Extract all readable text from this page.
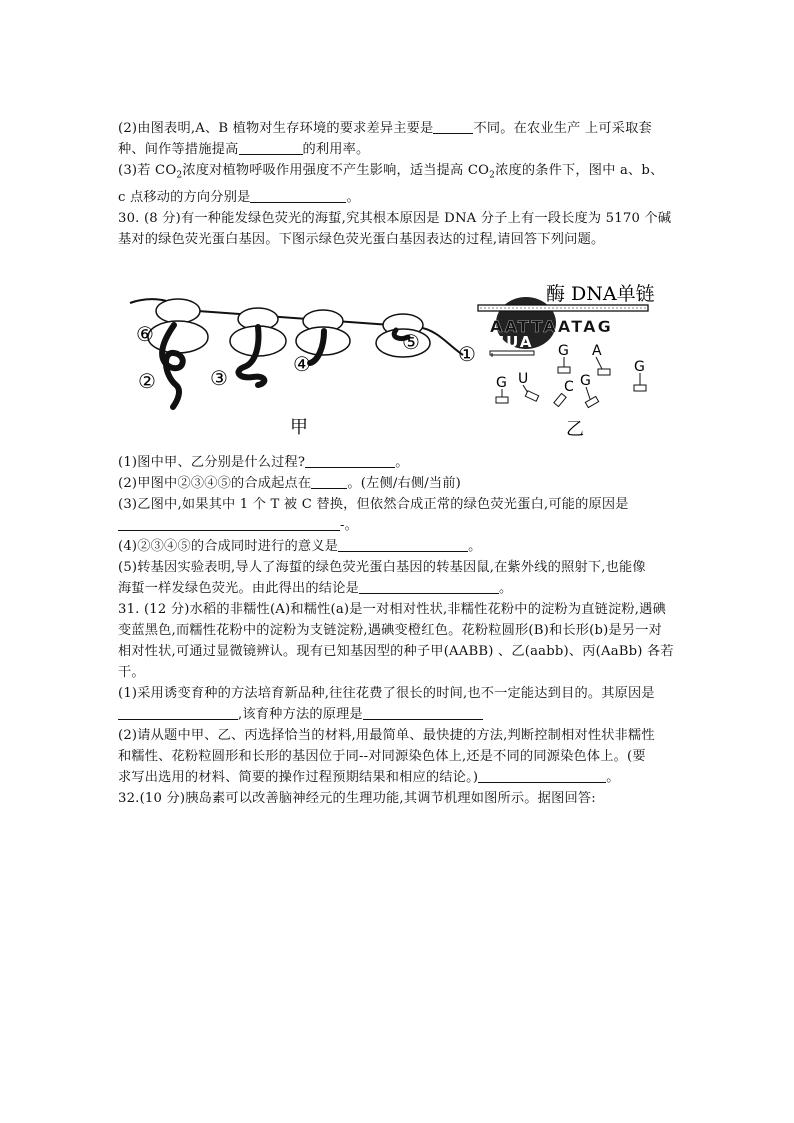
(2)由图表明,A、B 植物对生存环境的要求差异主要是	不同。在农业生产 上可采取套
种、间作等措施提高	的利用率。
(3)若 $CO_2$浓度对植物呼吸作用强度不产生影响，适当提高 $CO_2$浓度的条件下，图中 a、b、
c 点移动的方向分别是	。
30. (8 分)有一种能发绿色荧光的海蜇,究其根本原因是 DNA 分子上有一段长度为 5170 个碱
基对的绿色荧光蛋白基因。下图示绿色荧光蛋白基因表达的过程,请回答下列问题。
⑥
②	③
④
⑤ ①
甲
酶 DNA单链
AATTAATAG
UUA G A
G
G U	C G
乙
(1)图中甲、乙分别是什么过程?	。
(2)甲图中②③④⑤的合成起点在	。(左侧/右侧/当前)
(3)乙图中,如果其中 1 个 T 被 C 替换，但依然合成正常的绿色荧光蛋白,可能的原因是
-。
(4)②③④⑤的合成同时进行的意义是	。
(5)转基因实验表明,导人了海蜇的绿色荧光蛋白基因的转基因鼠,在紫外线的照射下,也能像
海蜇一样发绿色荧光。由此得出的结论是	。
31. (12 分)水稻的非糯性(A)和糯性(a)是一对相对性状,非糯性花粉中的淀粉为直链淀粉,遇碘
变蓝黑色,而糯性花粉中的淀粉为支链淀粉,遇碘变橙红色。花粉粒圆形(B)和长形(b)是另一对
相对性状,可通过显微镜辨认。现有已知基因型的种子甲(AABB) 、乙(aabb)、丙(AaBb) 各若
干。
(1)采用诱变育种的方法培育新品种,往往花费了很长的时间,也不一定能达到目的。其原因是
,该育种方法的原理是
(2)请从题中甲、乙、丙选择恰当的材料,用最简单、最快捷的方法,判断控制相对性状非糯性
和糯性、花粉粒圆形和长形的基因位于同--对同源染色体上,还是不同的同源染色体上。(要
求写出选用的材料、简要的操作过程预期结果和相应的结论。)	。
32.(10 分)胰岛素可以改善脑神经元的生理功能,其调节机理如图所示。据图回答:
